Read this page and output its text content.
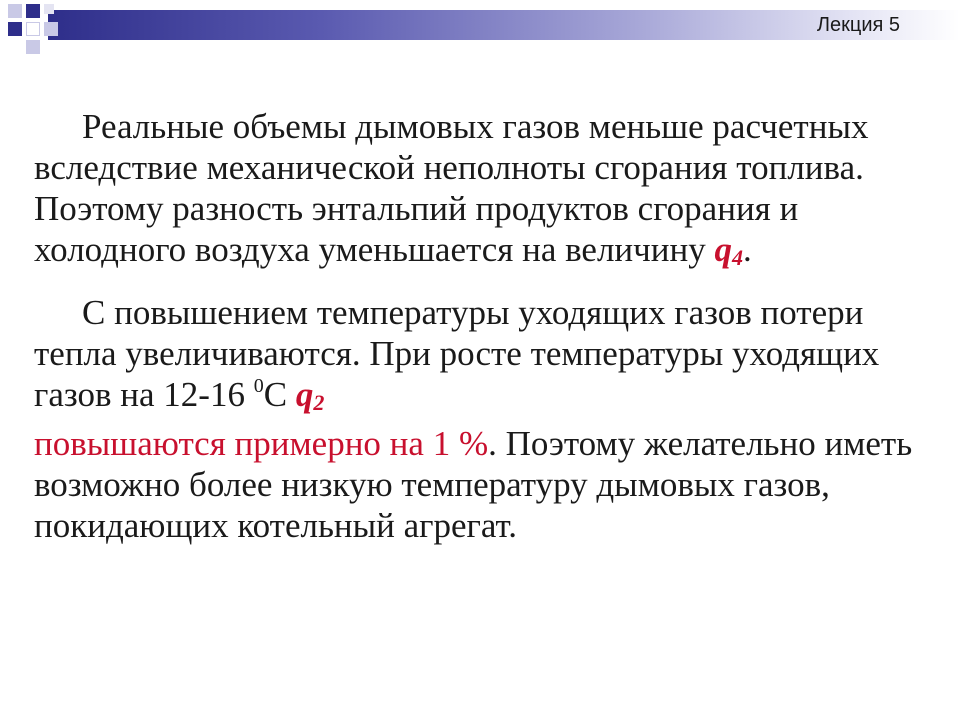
Лекция 5

Реальные объемы дымовых газов меньше расчетных вследствие механической неполноты сгорания топлива. Поэтому разность энтальпий продуктов сгорания и холодного воздуха уменьшается на величину $q_4$.

С повышением температуры уходящих газов потери тепла увеличиваются. При росте температуры уходящих газов на 12-16 $^0$С $q_2$
повышаются примерно на 1 %. Поэтому желательно иметь возможно более низкую температуру дымовых газов, покидающих котельный агрегат.
